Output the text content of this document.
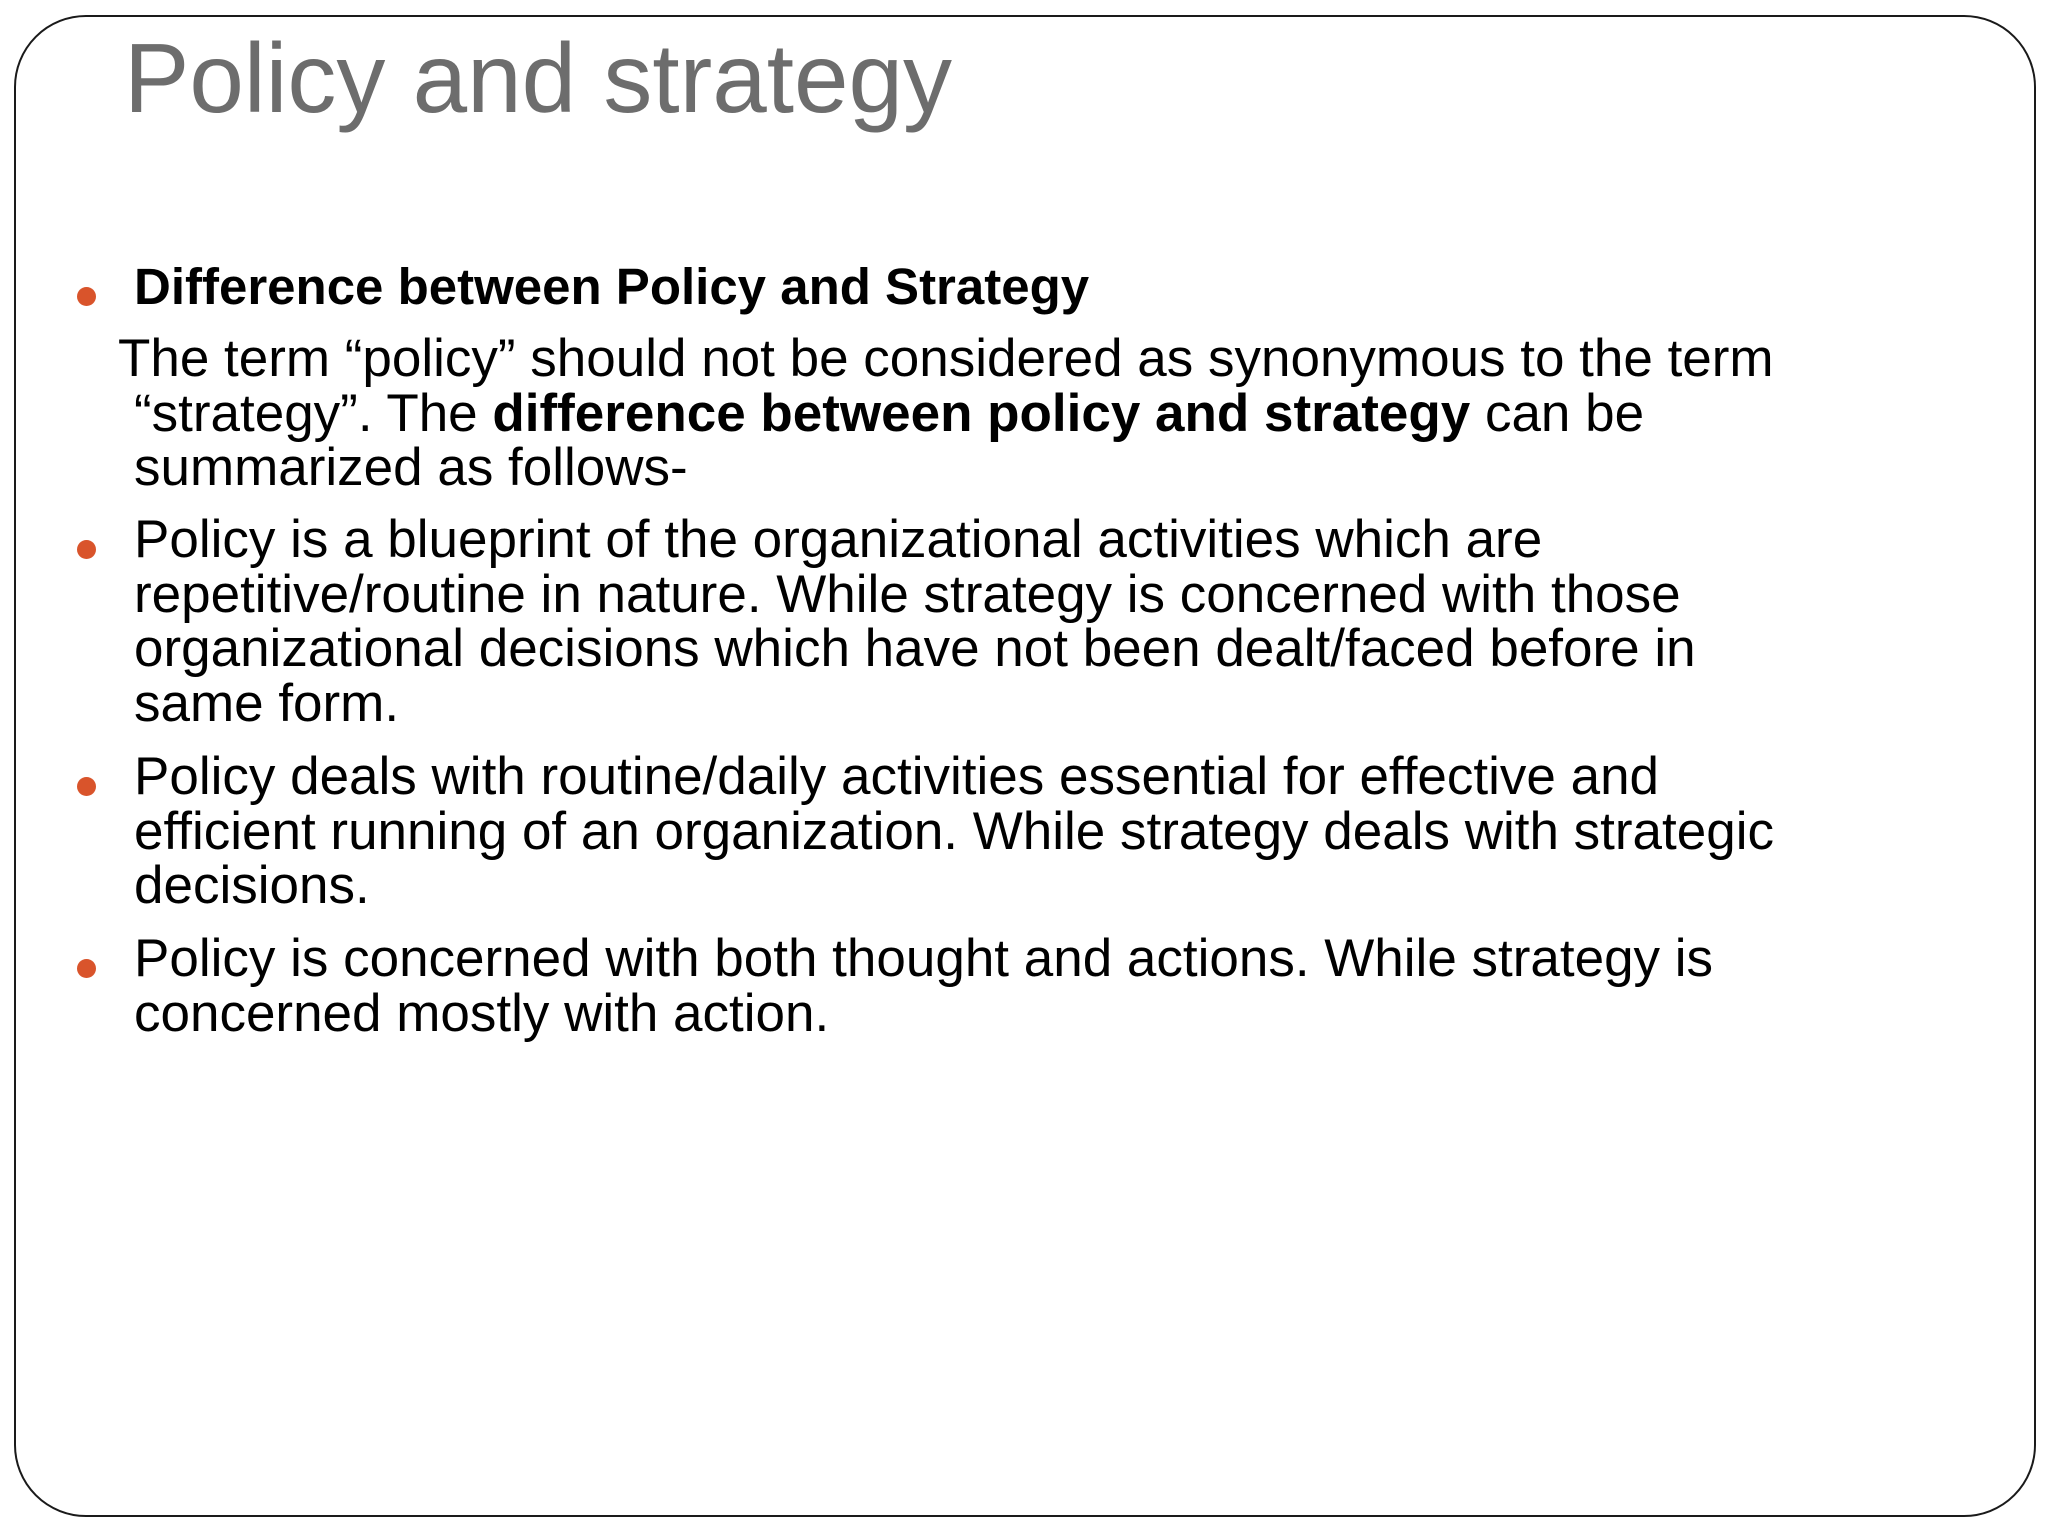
Policy and strategy

Difference between Policy and Strategy

The term “policy” should not be considered as synonymous to the term
“strategy”. The difference between policy and strategy can be
summarized as follows-

Policy is a blueprint of the organizational activities which are
repetitive/routine in nature. While strategy is concerned with those
organizational decisions which have not been dealt/faced before in
same form.

Policy deals with routine/daily activities essential for effective and
efficient running of an organization. While strategy deals with strategic
decisions.

Policy is concerned with both thought and actions. While strategy is
concerned mostly with action.
